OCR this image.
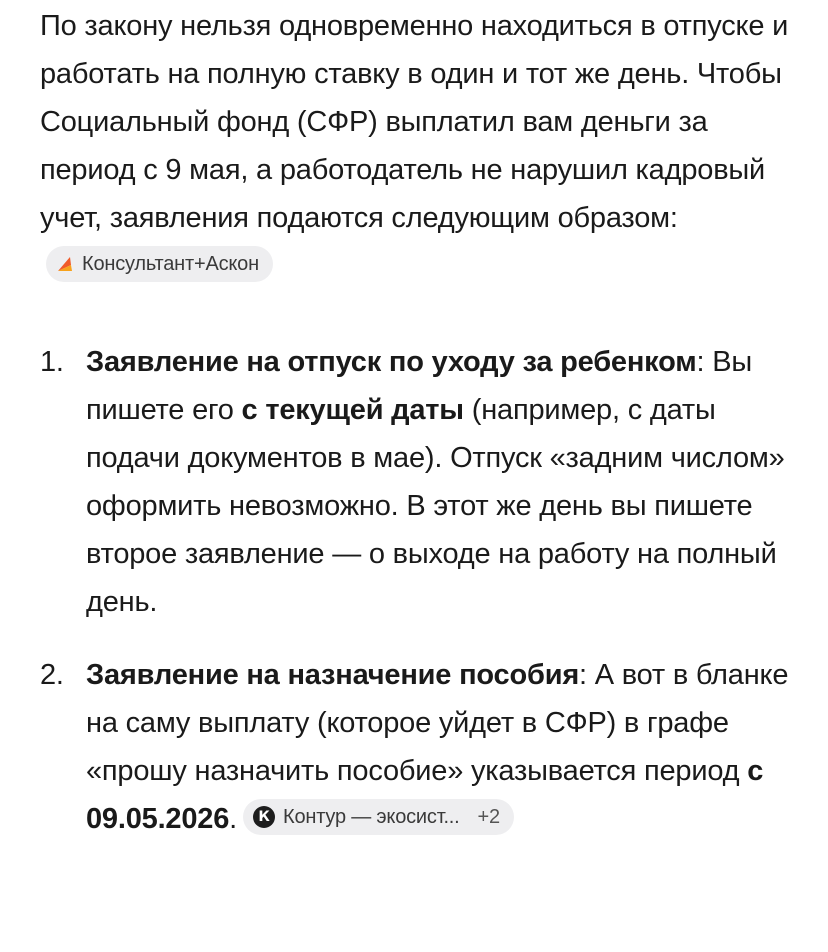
По закону нельзя одновременно находиться в отпуске и работать на полную ставку в один и тот же день. Чтобы Социальный фонд (СФР) выплатил вам деньги за период с 9 мая, а работодатель не нарушил кадровый учет, заявления подаются следующим образом:
Консультант+Аскон

1. Заявление на отпуск по уходу за ребенком: Вы пишете его с текущей даты (например, с даты подачи документов в мае). Отпуск «задним числом» оформить невозможно. В этот же день вы пишете второе заявление — о выходе на работу на полный день.
2. Заявление на назначение пособия: А вот в бланке на саму выплату (которое уйдет в СФР) в графе «прошу назначить пособие» указывается период с 09.05.2026.	К Контур — экосист... +2
